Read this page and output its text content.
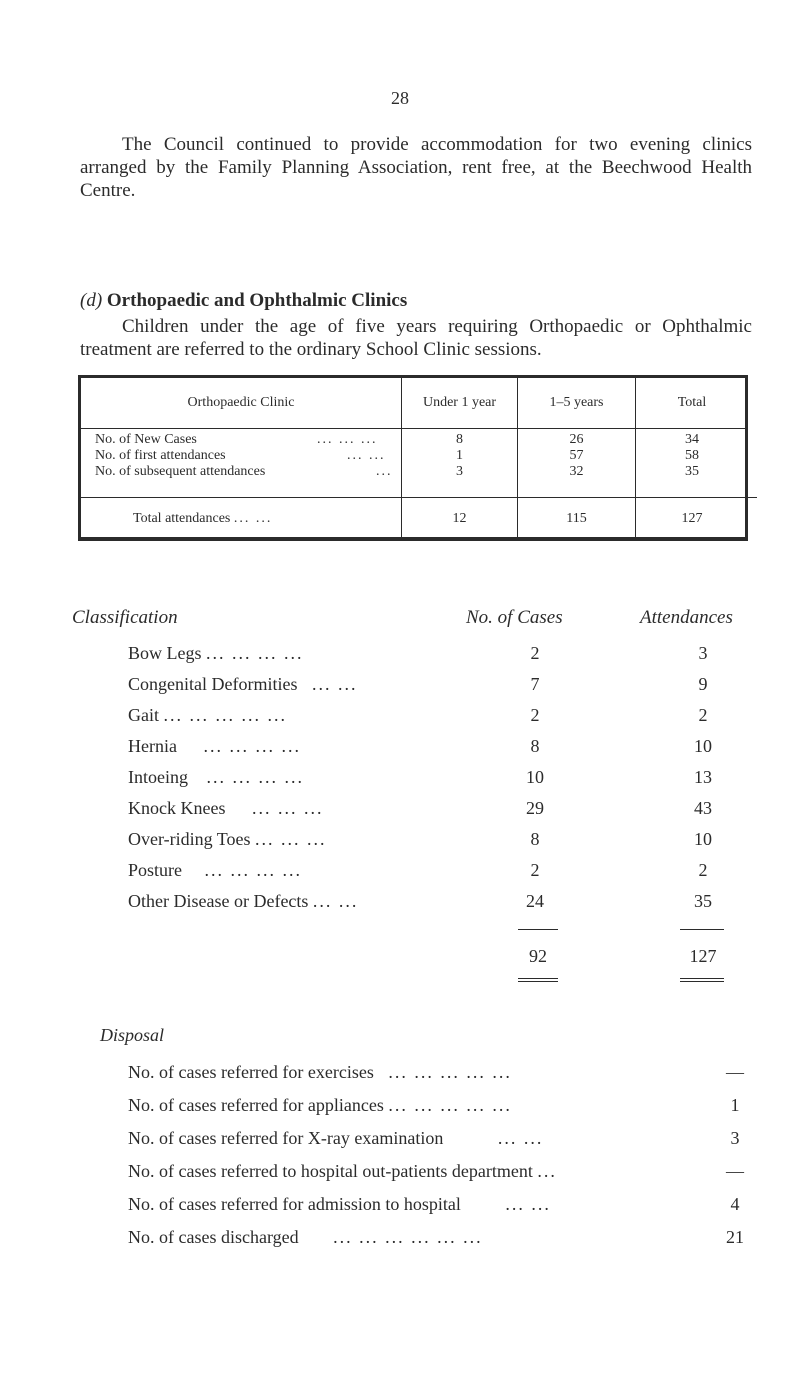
28
The Council continued to provide accommodation for two evening clinics arranged by the Family Planning Association, rent free, at the Beechwood Health Centre.
(d) Orthopaedic and Ophthalmic Clinics
Children under the age of five years requiring Orthopaedic or Ophthalmic treatment are referred to the ordinary School Clinic sessions.
Orthopaedic Clinic	Under 1 year	1–5 years	Total
No. of New Cases	... ... ...	8	26	34
No. of first attendances	... ...	1	57	58
No. of subsequent attendances	...	3	32	35
Total attendances ... ...	12	115	127
Classification	No. of Cases	Attendances
Bow Legs ... ... ... ...	2	3
Congenital Deformities ... ...	7	9
Gait ... ... ... ... ...	2	2
Hernia ... ... ... ...	8	10
Intoeing ... ... ... ...	10	13
Knock Knees ... ... ...	29	43
Over-riding Toes ... ... ...	8	10
Posture ... ... ... ...	2	2
Other Disease or Defects ... ...	24	35
92	127
Disposal
No. of cases referred for exercises ... ... ... ... ...	—
No. of cases referred for appliances ... ... ... ... ...	1
No. of cases referred for X-ray examination	... ...	3
No. of cases referred to hospital out-patients department ...	—
No. of cases referred for admission to hospital ... ...	4
No. of cases discharged ... ... ... ... ... ...	21
